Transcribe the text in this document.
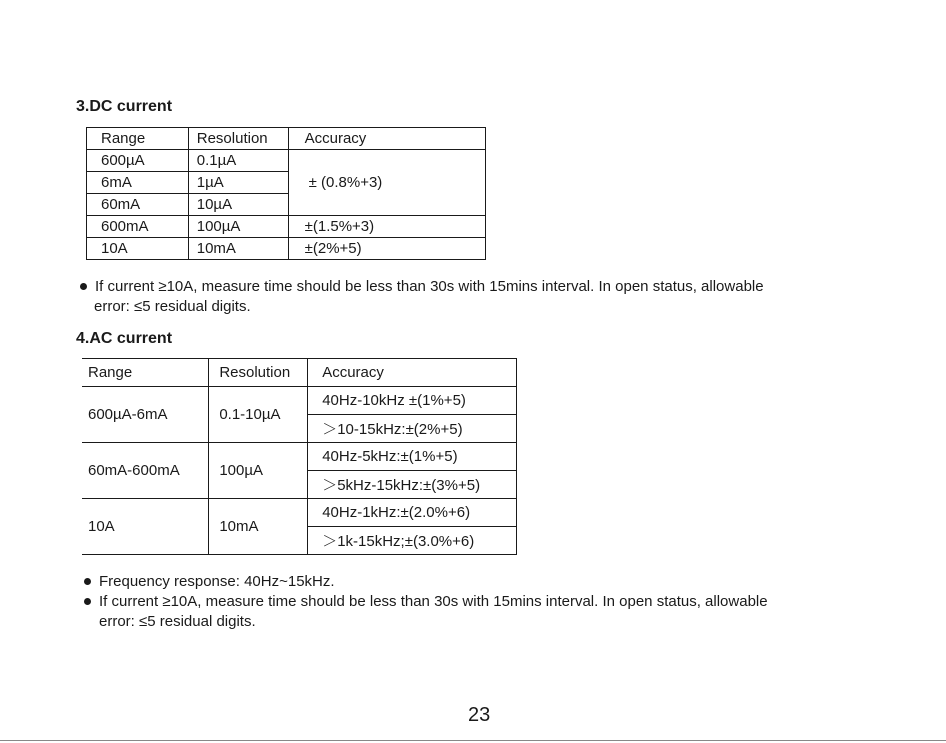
3.DC current
Range	Resolution	Accuracy
600µA	0.1µA	± (0.8%+3)
6mA	1µA	
60mA	10µA	
600mA	100µA	±(1.5%+3)
10A	10mA	±(2%+5)
If current ≥10A, measure time should be less than 30s with 15mins interval. In open status, allowable
error: ≤5 residual digits.
4.AC current
Range	Resolution	Accuracy
600µA-6mA	0.1-10µA	40Hz-10kHz ±(1%+5)
		＞10-15kHz:±(2%+5)
60mA-600mA	100µA	40Hz-5kHz:±(1%+5)
		＞5kHz-15kHz:±(3%+5)
10A	10mA	40Hz-1kHz:±(2.0%+6)
		＞1k-15kHz;±(3.0%+6)
Frequency response: 40Hz~15kHz.
If current ≥10A, measure time should be less than 30s with 15mins interval. In open status, allowable
error: ≤5 residual digits.
23
